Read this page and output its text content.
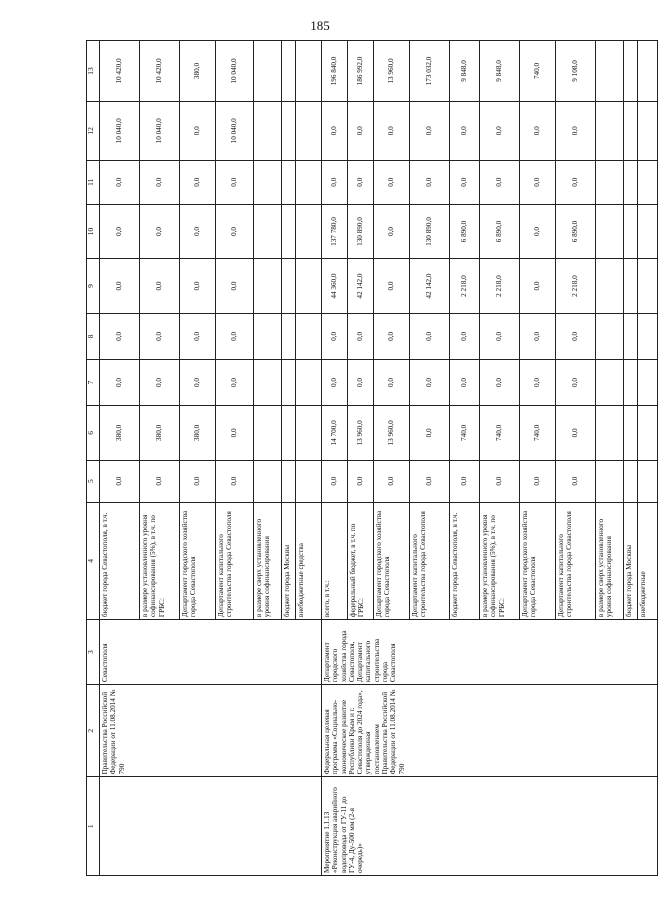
185
1	2	3	4	5	6	7	8	9	10	11	12	13
	Правительства Российской Федерации от 11.08.2014 № 790	Севастополя	бюджет города Севастополя, в т.ч.	0,0	380,0	0,0	0,0	0,0	0,0	0,0	10 040,0	10 420,0
			в размере установленного уровня софинансирования (5%), в т.ч. по ГРБС:	0,0	380,0	0,0	0,0	0,0	0,0	0,0	10 040,0	10 420,0
			Департамент городского хозяйства города Севастополя	0,0	380,0	0,0	0,0	0,0	0,0	0,0	0,0	380,0
			Департамент капитального строительства города Севастополя	0,0	0,0	0,0	0,0	0,0	0,0	0,0	10 040,0	10 040,0
			в размере сверх установленного уровня софинансирования									
			бюджет города Москвы									
			внебюджетные средства									
Мероприятие 1.1.13 «Реконструкция аварийного водопровода от ГУ-11 до ГУ-4, Ду-500 мм (2-я очередь)»	Федеральная целевая программа «Социально-экономическое развитие Республики Крым и г. Севастополя до 2024 года», утвержденная постановлением Правительства Российской Федерации от 11.08.2014 № 790	Департамент городского хозяйства города Севастополя, Департамент капитального строительства города Севастополя	всего, в т.ч.:	0,0	14 700,0	0,0	0,0	44 360,0	137 780,0	0,0	0,0	196 840,0
			федеральный бюджет, в т.ч. по ГРБС:	0,0	13 960,0	0,0	0,0	42 142,0	130 890,0	0,0	0,0	186 992,0
			Департамент городского хозяйства города Севастополя	0,0	13 960,0	0,0	0,0	0,0	0,0	0,0	0,0	13 960,0
			Департамент капитального строительства города Севастополя	0,0	0,0	0,0	0,0	42 142,0	130 890,0	0,0	0,0	173 032,0
			бюджет города Севастополя, в т.ч.	0,0	740,0	0,0	0,0	2 218,0	6 890,0	0,0	0,0	9 848,0
			в размере установленного уровня софинансирования (5%), в т.ч. по ГРБС:	0,0	740,0	0,0	0,0	2 218,0	6 890,0	0,0	0,0	9 848,0
			Департамент городского хозяйства города Севастополя	0,0	740,0	0,0	0,0	0,0	0,0	0,0	0,0	740,0
			Департамент капитального строительства города Севастополя	0,0	0,0	0,0	0,0	2 218,0	6 890,0	0,0	0,0	9 108,0
			в размере сверх установленного уровня софинансирования									
			бюджет города Москвы									
			внебюджетные									
